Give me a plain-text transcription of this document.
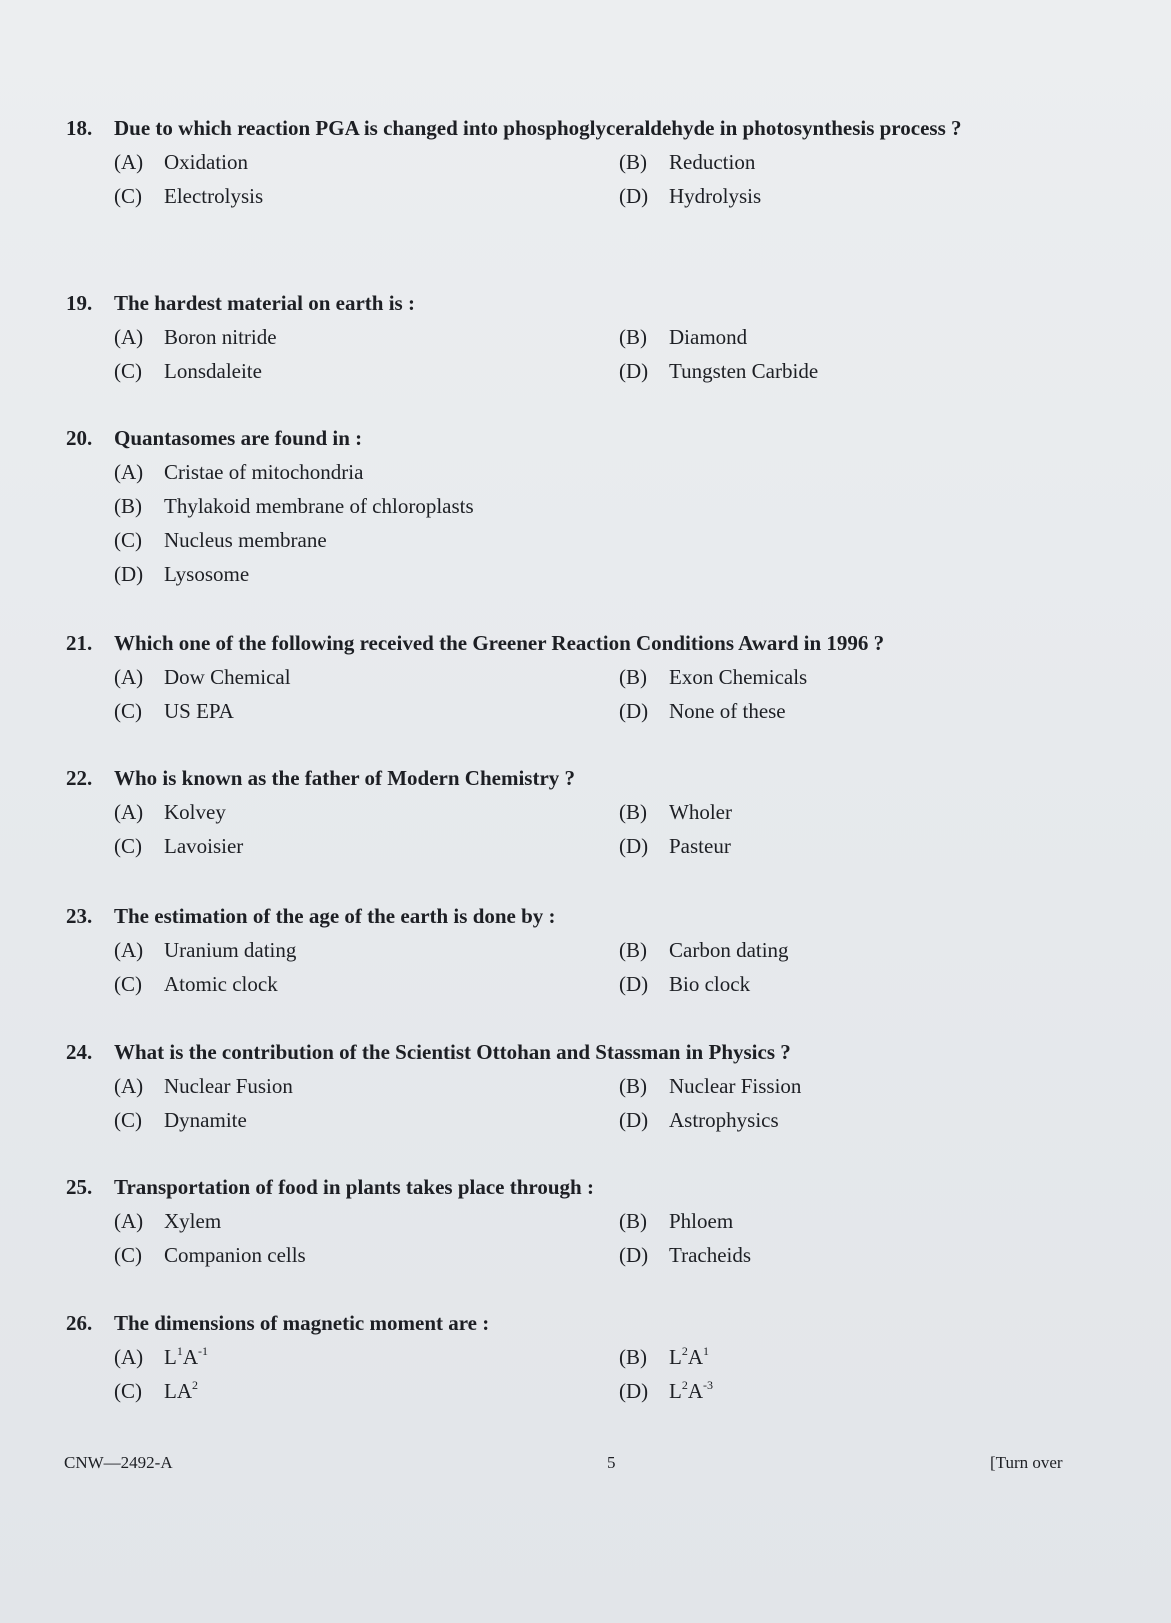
18.	Due to which reaction PGA is changed into phosphoglyceraldehyde in photosynthesis process ?
(A) Oxidation	(B) Reduction
(C) Electrolysis	(D) Hydrolysis
19.	The hardest material on earth is :
(A) Boron nitride	(B) Diamond
(C) Lonsdaleite	(D) Tungsten Carbide
20.	Quantasomes are found in :
(A) Cristae of mitochondria
(B) Thylakoid membrane of chloroplasts
(C) Nucleus membrane
(D) Lysosome
21.	Which one of the following received the Greener Reaction Conditions Award in 1996 ?
(A) Dow Chemical	(B) Exon Chemicals
(C) US EPA	(D) None of these
22.	Who is known as the father of Modern Chemistry ?
(A) Kolvey	(B) Wholer
(C) Lavoisier	(D) Pasteur
23.	The estimation of the age of the earth is done by :
(A) Uranium dating	(B) Carbon dating
(C) Atomic clock	(D) Bio clock
24.	What is the contribution of the Scientist Ottohan and Stassman in Physics ?
(A) Nuclear Fusion	(B) Nuclear Fission
(C) Dynamite	(D) Astrophysics
25.	Transportation of food in plants takes place through :
(A) Xylem	(B) Phloem
(C) Companion cells	(D) Tracheids
26.	The dimensions of magnetic moment are :
(A) $L^1A^{-1}$	(B) $L^2A^1$
(C) $LA^2$	(D) $L^2A^{-3}$
CNW—2492-A	5	[Turn over
